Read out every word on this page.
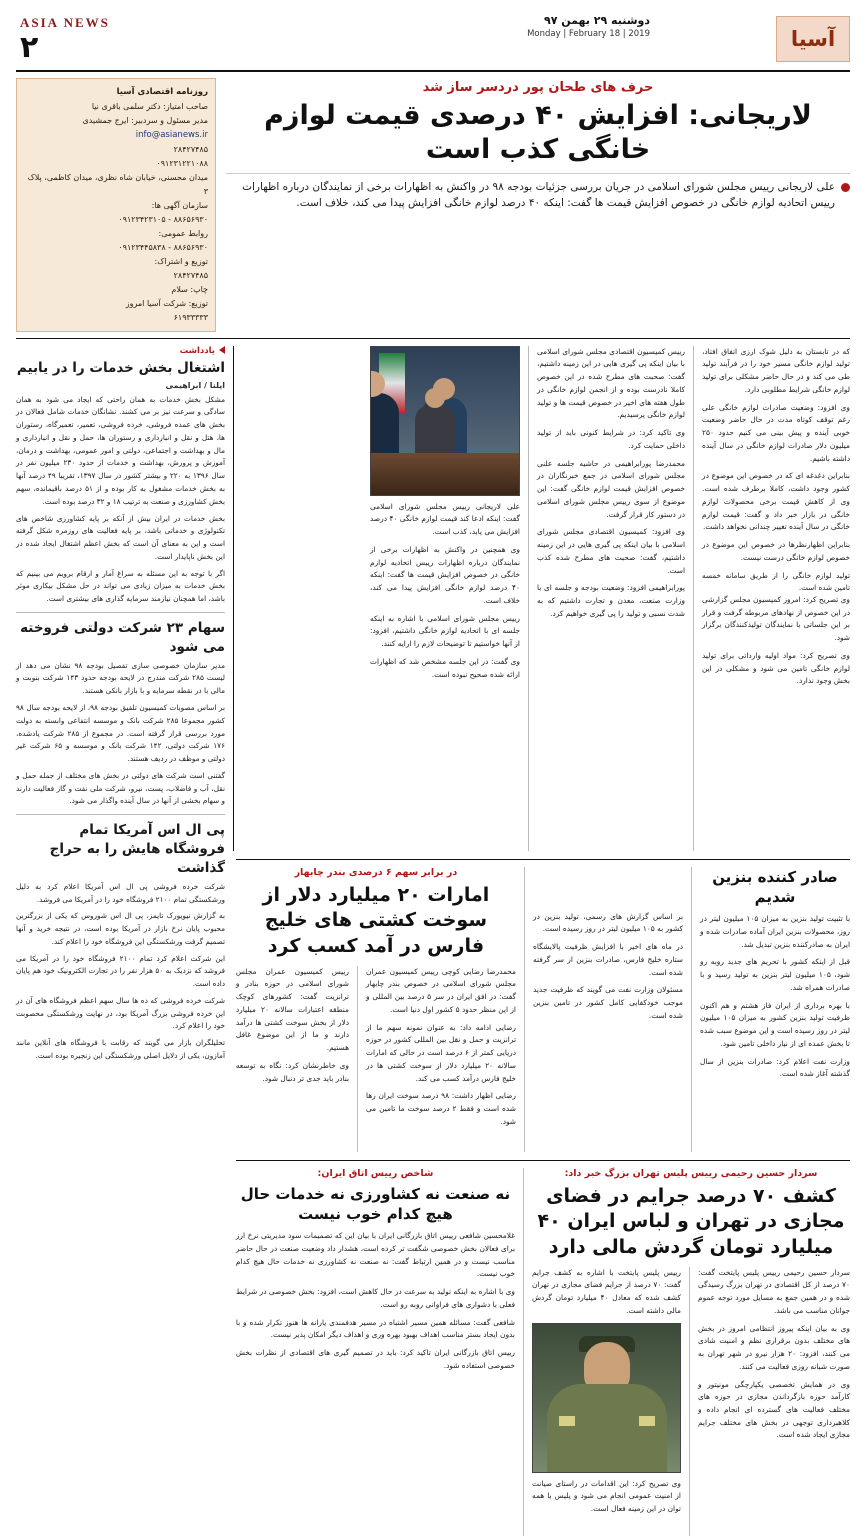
آسیا
دوشنبه ۲۹ بهمن ۹۷
Monday | February 18 | 2019
ASIA NEWS
۲
حرف های طحان پور دردسر ساز شد
لاریجانی: افزایش ۴۰ درصدی قیمت لوازم خانگی کذب است
علی لاریجانی رییس مجلس شورای اسلامی در جریان بررسی جزئیات بودجه ۹۸ در واکنش به اظهارات برخی از نمایندگان درباره اظهارات رییس اتحادیه لوازم خانگی در خصوص افزایش قیمت ها گفت: اینکه ۴۰ درصد لوازم خانگی افزایش پیدا می کند، خلاف است.
روزنامه اقتصادی آسیا
صاحب امتیاز: دکتر سلمی باقری نیا
مدیر مسئول و سردبیر: ایرج جمشیدی
info@asianews.ir
۲۸۴۲۷۴۸۵
۰۹۱۲۳۱۲۲۱۰۸۸
میدان محسنی، خیابان شاه نظری، میدان کاظمی، پلاک ۳
سازمان آگهی ها:
۰۹۱۲۳۴۲۳۱۰۵ - ۸۸۶۵۶۹۳۰
روابط عمومی:
۰۹۱۲۳۴۴۵۸۳۸ - ۸۸۶۵۶۹۳۰
توزیع و اشتراک:
۲۸۴۲۷۴۸۵
چاپ: سلام
توزیع: شرکت آسیا امروز
۶۱۹۳۳۳۳۳

که در تابستان به دلیل شوک ارزی اتفاق افتاد، تولید لوازم خانگی مسیر خود را در فرآیند تولید طی می کند و در حال حاضر مشکلی برای تولید لوازم خانگی شرایط مطلوبی دارد.

وی افزود: وضعیت صادرات لوازم خانگی علی رغم توقف کوتاه مدت در حال حاضر وضعیت خوبی آینده و پیش بینی می کنیم حدود ۲۵۰ میلیون دلار صادرات لوازم خانگی در سال آینده داشته باشیم.

بنابراین دغدغه ای که در خصوص این موضوع در کشور وجود داشت، کاملا برطرف شده است. وی از کاهش قیمت برخی محصولات لوازم خانگی در بازار خبر داد و گفت: قیمت لوازم خانگی در سال آینده تغییر چندانی نخواهد داشت.

بنابراین اظهارنظرها در خصوص این موضوع در خصوص لوازم خانگی درست نیست.

تولید لوازم خانگی را از طریق سامانه خمسه تامین شده است.

وی تصریح کرد: امروز کمیسیون مجلس گزارشی در این خصوص از نهادهای مربوطه گرفت و قرار بر این جلساتی با نمایندگان تولیدکنندگان برگزار شود.

وی تصریح کرد: مواد اولیه وارداتی برای تولید لوازم خانگی تامین می شود و مشکلی در این بخش وجود ندارد.

رییس کمیسیون اقتصادی مجلس شورای اسلامی با بیان اینکه پی گیری هایی در این زمینه داشتیم، گفت: صحبت های مطرح شده در این خصوص کاملا نادرست بوده و از انجمن لوازم خانگی در طول هفته های اخیر در خصوص قیمت ها و تولید لوازم خانگی پرسیدیم.

وی تاکید کرد: در شرایط کنونی باید از تولید داخلی حمایت کرد.

محمدرضا پورابراهیمی در حاشیه جلسه علنی مجلس شورای اسلامی در جمع خبرنگاران در خصوص افزایش قیمت لوازم خانگی گفت: این موضوع از سوی رییس مجلس شورای اسلامی در دستور کار قرار گرفت.

وی افزود: کمیسیون اقتصادی مجلس شورای اسلامی با بیان اینکه پی گیری هایی در این زمینه داشتیم، گفت: صحبت های مطرح شده کذب است.

پورابراهیمی افزود: وضعیت بودجه و جلسه ای با وزارت صنعت، معدن و تجارت داشتیم که به شدت نسبی و تولید را پی گیری خواهیم کرد.

علی لاریجانی رییس مجلس شورای اسلامی گفت: اینکه ادعا کند قیمت لوازم خانگی ۴۰ درصد افزایش می یابد، کذب است.

وی همچنین در واکنش به اظهارات برخی از نمایندگان درباره اظهارات رییس اتحادیه لوازم خانگی در خصوص افزایش قیمت ها گفت: اینکه ۴۰ درصد لوازم خانگی افزایش پیدا می کند، خلاف است.

رییس مجلس شورای اسلامی با اشاره به اینکه جلسه ای با اتحادیه لوازم خانگی داشتیم، افزود: از آنها خواستیم تا توضیحات لازم را ارایه کنند.

وی گفت: در این جلسه مشخص شد که اظهارات ارائه شده صحیح نبوده است.

یادداشت
اشتغال بخش خدمات را در یابیم
ایلنا / ابراهیمی

مشکل بخش خدمات به همان راحتی که ایجاد می شود به همان سادگی و سرعت نیز بر می کشند. نشانگان خدمات شامل فعالان در بخش های عمده فروشی، خرده فروشی، تعمیر، تعمیرگاه، رستوران ها، هتل و نقل و انبارداری و رستوران ها، حمل و نقل و انبارداری و مال و بهداشت و اجتماعی، دولتی و امور عمومی، بهداشت و درمان، آموزش و پرورش، بهداشت و خدمات از حدود ۲۳۰ میلیون نفر در سال ۱۳۹۶ به ۲۲۰ و بیشتر کشور در سال ۱۳۹۷، تقریبا ۴۹ درصد آنها به بخش خدمات مشغول به کار بوده و از ۵۱ درصد باقیمانده، سهم بخش کشاورزی و صنعت به ترتیب ۱۸ و ۳۲ درصد بوده است.

بخش خدمات در ایران بیش از آنکه بر پایه کشاورزی شاخص های تکنولوژی و خدماتی باشد، بر پایه فعالیت های روزمره شکل گرفته است و این به معنای آن است که بخش اعظم اشتغال ایجاد شده در این بخش ناپایدار است.

اگر با توجه به این مسئله به سراغ آمار و ارقام برویم می بینیم که بخش خدمات به میزان زیادی می تواند در حل مشکل بیکاری موثر باشد، اما همچنان نیازمند سرمایه گذاری های بیشتری است.

سهام ۲۳ شرکت دولتی فروخته می شود

مدیر سازمان خصوصی سازی تفصیل بودجه ۹۸ نشان می دهد از لیست ۲۸۵ شرکت مندرج در لایحه بودجه حدود ۱۴۳ شرکت بنوبت و مالی با در نقطه سرمایه و با بازار بانکی هستند.

بر اساس مصوبات کمیسیون تلفیق بودجه ۹۸، از لایحه بودجه سال ۹۸ کشور مجموعا ۲۸۵ شرکت بانک و موسسه انتفاعی وابسته به دولت مورد بررسی قرار گرفته است. در مجموع از ۲۸۵ شرکت یادشده، ۱۷۶ شرکت دولتی، ۱۴۲ شرکت بانک و موسسه و ۶۵ شرکت غیر دولتی و موظف در ردیف هستند.

گفتنی است شرکت های دولتی در بخش های مختلف از جمله حمل و نقل، آب و فاضلاب، پست، نیرو، شرکت ملی نفت و گاز فعالیت دارند و سهام بخشی از آنها در سال آینده واگذار می شود.

پی ال اس آمریکا تمام فروشگاه هایش را به حراج گذاشت

شرکت خرده فروشی پی ال اس آمریکا اعلام کرد به دلیل ورشکستگی تمام ۲۱۰۰ فروشگاه خود را در آمریکا می فروشد.

به گزارش نیویورک تایمز، پی ال اس شوروس که یکی از بزرگترین محبوب پایان نرخ بازار در آمریکا بوده است، در نتیجه خرید و آنها تصمیم گرفت ورشکستگی این فروشگاه خود را اعلام کند.

این شرکت اعلام کرد تمام ۲۱۰۰ فروشگاه خود را در آمریکا می فروشد که نزدیک به ۵۰ هزار نفر را در تجارت الکترونیک خود هم پایان داده است.

شرکت خرده فروشی که ده ها سال سهم اعظم فروشگاه های آن در این خرده فروشی بزرگ آمریکا بود، در نهایت ورشکستگی محصوبت خود را اعلام کرد.

تحلیلگران بازار می گویند که رقابت با فروشگاه های آنلاین مانند آمازون، یکی از دلایل اصلی ورشکستگی این زنجیره بوده است.

صادر کننده بنزین شدیم

با تثبیت تولید بنزین به میزان ۱۰۵ میلیون لیتر در روز، محصولات بنزین ایران آماده صادرات شده و ایران به صادرکننده بنزین تبدیل شد.

قبل از اینکه کشور با تحریم های جدید روبه رو شود، ۱۰۵ میلیون لیتر بنزین به تولید رسید و با صادرات همراه شد.

با بهره برداری از ایران فاز هشتم و هم اکنون ظرفیت تولید بنزین کشور به میزان ۱۰۵ میلیون لیتر در روز رسیده است و این موضوع سبب شده تا بخش عمده ای از نیاز داخلی تامین شود.

وزارت نفت اعلام کرد: صادرات بنزین از سال گذشته آغاز شده است.

بر اساس گزارش های رسمی، تولید بنزین در کشور به ۱۰۵ میلیون لیتر در روز رسیده است.

در ماه های اخیر با افزایش ظرفیت پالایشگاه ستاره خلیج فارس، صادرات بنزین از سر گرفته شده است.

مسئولان وزارت نفت می گویند که ظرفیت جدید موجب خودکفایی کامل کشور در تامین بنزین شده است.

در برابر سهم ۶ درصدی بندر چابهار
امارات ۲۰ میلیارد دلار از سوخت کشتی های خلیج فارس در آمد کسب کرد

محمدرضا رضایی کوچی رییس کمیسیون عمران مجلس شورای اسلامی در خصوص بندر چابهار گفت: در افق ایران در سر ۵ درصد بین المللی و از این منظر حدود ۵ کشور اول دنیا است.

رضایی ادامه داد: به عنوان نمونه سهم ما از ترانزیت و حمل و نقل بین المللی کشور در حوزه دریایی کمتر از ۶ درصد است در حالی که امارات سالانه ۲۰ میلیارد دلار از سوخت کشتی ها در خلیج فارس درآمد کسب می کند.

رضایی اظهار داشت: ۹۸ درصد سوخت ایران رها شده است و فقط ۲ درصد سوخت ما تامین می شود.

رییس کمیسیون عمران مجلس شورای اسلامی در حوزه بنادر و ترانزیت گفت: کشورهای کوچک منطقه اعتبارات سالانه ۲۰ میلیارد دلار از بخش سوخت کشتی ها درآمد دارند و ما از این موضوع غافل هستیم.

وی خاطرنشان کرد: نگاه به توسعه بنادر باید جدی تر دنبال شود.

سردار حسین رحیمی رییس پلیس تهران بزرگ خبر داد:
کشف ۷۰ درصد جرایم در فضای مجازی در تهران و لباس ایران ۴۰ میلیارد تومان گردش مالی دارد

سردار حسین رحیمی رییس پلیس پایتخت گفت: ۷۰ درصد از کل اقتصادی در تهران بزرگ رسیدگی شده و در همین جمع به مسایل مورد توجه عموم جوانان مناسب می باشد.

وی به بیان اینکه پیروز انتظامی امروز در بخش های مختلف بدون برقراری نظم و امنیت شادی می کنند، افزود: ۲۰ هزار نیرو در شهر تهران به صورت شبانه روزی فعالیت می کنند.

وی در همایش تخصصی یکپارچگی مونیتور و کارآمد حوزه بازگرداندن مجازی در حوزه های مختلف فعالیت های گسترده ای انجام داده و کلاهبرداری توجهی در بخش های مختلف جرایم مجازی ایجاد شده است.

رییس پلیس پایتخت با اشاره به کشف جرایم گفت: ۷۰ درصد از جرایم فضای مجازی در تهران کشف شده که معادل ۴۰ میلیارد تومان گردش مالی داشته است.

وی تصریح کرد: این اقدامات در راستای صیانت از امنیت عمومی انجام می شود و پلیس با همه توان در این زمینه فعال است.

شاخص رییس اتاق ایران:
نه صنعت نه کشاورزی نه خدمات حال هیچ کدام خوب نیست

غلامحسین شافعی رییس اتاق بازرگانی ایران با بیان این که تصمیمات سود مدیریتی نرخ ارز برای فعالان بخش خصوصی شگفت تر کرده است، هشدار داد وضعیت صنعت در حال حاضر مناسب نیست و در همین ارتباط گفت: نه صنعت نه کشاورزی نه خدمات حال هیچ کدام خوب نیست.

وی با اشاره به اینکه تولید به سرعت در حال کاهش است، افزود: بخش خصوصی در شرایط فعلی با دشواری های فراوانی روبه رو است.

شافعی گفت: مسائله همین مسیر اشتباه در مسیر هدفمندی یارانه ها هنوز تکرار شده و با بدون ایجاد بستر مناسب اهداف بهبود بهره وری و اهداف دیگر امکان پذیر نیست.

رییس اتاق بازرگانی ایران تاکید کرد: باید در تصمیم گیری های اقتصادی از نظرات بخش خصوصی استفاده شود.
